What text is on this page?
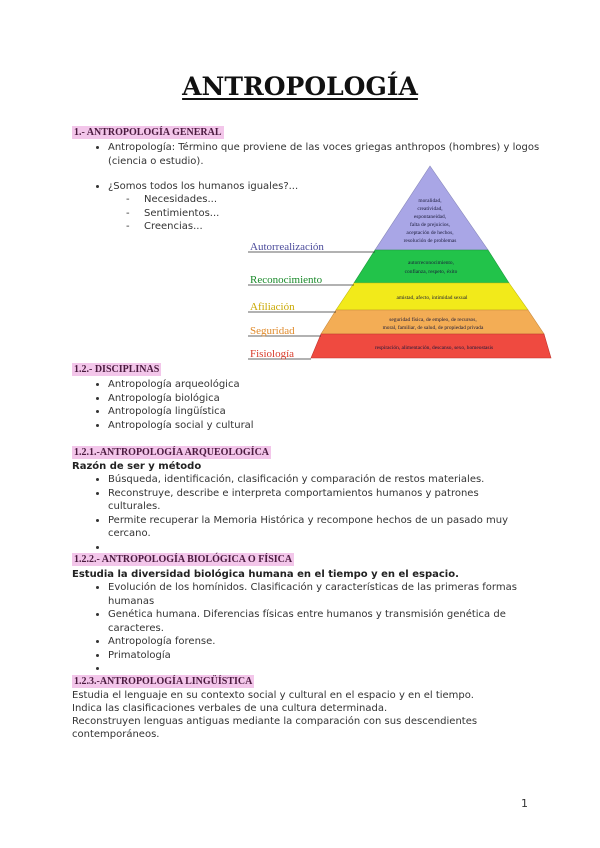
ANTROPOLOGÍA
1.- ANTROPOLOGÍA GENERAL
• Antropología: Término que proviene de las voces griegas anthropos (hombres) y logos (ciencia o estudio).
• ¿Somos todos los humanos iguales?...
- Necesidades...
- Sentimientos...
- Creencias...
Autorrealización
Reconocimiento
Afiliación
Seguridad
Fisiología
moralidad,
creatividad,
espontaneidad,
falta de prejuicios,
aceptación de hechos,
resolución de problemas
autorreconocimiento,
confianza, respeto, éxito
amistad, afecto, intimidad sexual
seguridad física, de empleo, de recursos,
moral, familiar, de salud, de propiedad privada
respiración, alimentación, descanso, sexo, homeostasis
1.2.- DISCIPLINAS
• Antropología arqueológica
• Antropología biológica
• Antropología lingüística
• Antropología social y cultural
1.2.1.-ANTROPOLOGÍA ARQUEOLOGÍCA
Razón de ser y método
• Búsqueda, identificación, clasificación y comparación de restos materiales.
• Reconstruye, describe e interpreta comportamientos humanos y patrones culturales.
• Permite recuperar la Memoria Histórica y recompone hechos de un pasado muy cercano.
•
1.2.2.- ANTROPOLOGÍA BIOLÓGICA O FÍSICA
Estudia la diversidad biológica humana en el tiempo y en el espacio.
• Evolución de los homínidos. Clasificación y características de las primeras formas humanas
• Genética humana. Diferencias físicas entre humanos y transmisión genética de caracteres.
• Antropología forense.
• Primatología
•
1.2.3.-ANTROPOLOGÍA LINGÜÍSTICA
Estudia el lenguaje en su contexto social y cultural en el espacio y en el tiempo.
Indica las clasificaciones verbales de una cultura determinada.
Reconstruyen lenguas antiguas mediante la comparación con sus descendientes
contemporáneos.
1
